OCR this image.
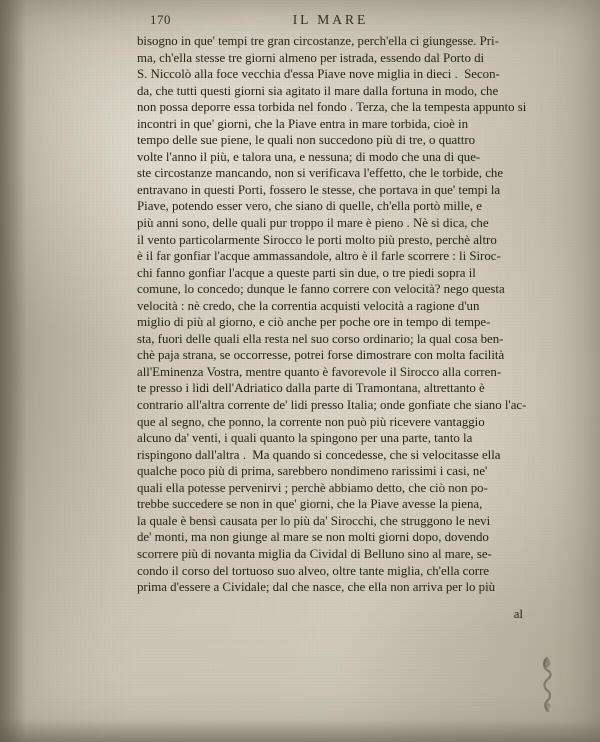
170	IL MARE

bisogno in que' tempi tre gran circostanze, perch'ella ci giungesse. Pri-
ma, ch'ella stesse tre giorni almeno per istrada, essendo dal Porto di
S. Niccolò alla foce vecchia d'essa Piave nove miglia in dieci .  Secon-
da, che tutti questi giorni sia agitato il mare dalla fortuna in modo, che
non possa deporre essa torbida nel fondo . Terza, che la tempesta appunto si
incontri in que' giorni, che la Piave entra in mare torbida, cioè in
tempo delle sue piene, le quali non succedono più di tre, o quattro
volte l'anno il più, e talora una, e nessuna; di modo che una di que-
ste circostanze mancando, non si verificava l'effetto, che le torbide, che
entravano in questi Porti, fossero le stesse, che portava in que' tempi la
Piave, potendo esser vero, che siano di quelle, ch'ella portò mille, e
più anni sono, delle quali pur troppo il mare è pieno . Nè si dica, che
il vento particolarmente Sirocco le porti molto più presto, perchè altro
è il far gonfiar l'acque ammassandole, altro è il farle scorrere : li Siroc-
chi fanno gonfiar l'acque a queste parti sin due, o tre piedi sopra il
comune, lo concedo; dunque le fanno correre con velocità? nego questa
velocità : nè credo, che la correntia acquisti velocità a ragione d'un
miglio di più al giorno, e ciò anche per poche ore in tempo di tempe-
sta, fuori delle quali ella resta nel suo corso ordinario; la qual cosa ben-
chè paja strana, se occorresse, potrei forse dimostrare con molta facilità
all'Eminenza Vostra, mentre quanto è favorevole il Sirocco alla corren-
te presso i lidi dell'Adriatico dalla parte di Tramontana, altrettanto è
contrario all'altra corrente de' lidi presso Italia; onde gonfiate che siano l'ac-
que al segno, che ponno, la corrente non può più ricevere vantaggio
alcuno da' venti, i quali quanto la spingono per una parte, tanto la
rispingono dall'altra .  Ma quando si concedesse, che si velocitasse ella
qualche poco più di prima, sarebbero nondimeno rarissimi i casi, ne'
quali ella potesse pervenirvi ; perchè abbiamo detto, che ciò non po-
trebbe succedere se non in que' giorni, che la Piave avesse la piena,
la quale è bensì causata per lo più da' Sirocchi, che struggono le nevi
de' monti, ma non giunge al mare se non molti giorni dopo, dovendo
scorrere più di novanta miglia da Cividal di Belluno sino al mare, se-
condo il corso del tortuoso suo alveo, oltre tante miglia, ch'ella corre
prima d'essere a Cividale; dal che nasce, che ella non arriva per lo più

al
